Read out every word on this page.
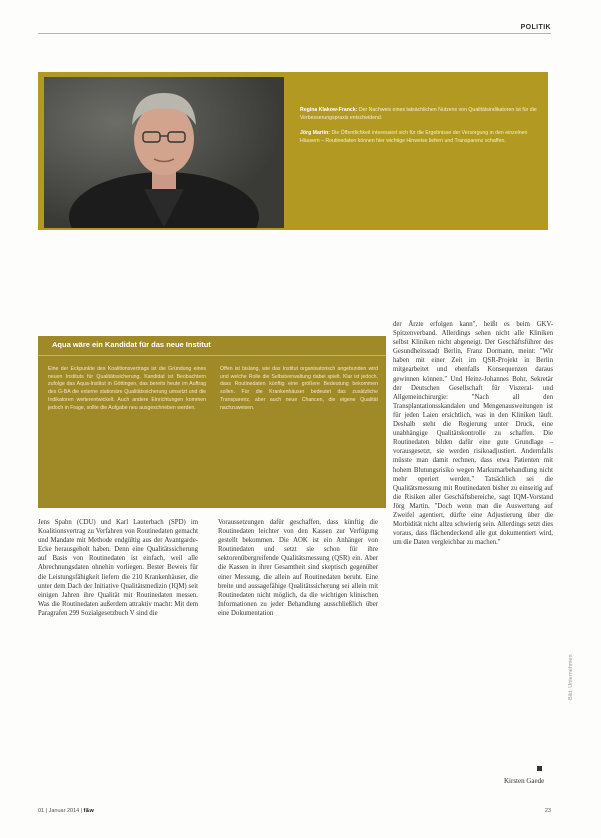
POLITIK

Regina Klakow-Franck: Der Nachweis eines tatsächlichen Nutzens von Qualitätsindikatoren ist für die Verbesserungspraxis entscheidend.

Jörg Martin: Die Öffentlichkeit interessiert sich für die Ergebnisse der Versorgung in den einzelnen Häusern – Routinedaten können hier wichtige Hinweise liefern und Transparenz schaffen.

Aqua wäre ein Kandidat für das neue Institut
Eine der Eckpunkte des Koalitionsvertrags ist die Gründung eines neuen Instituts für Qualitätssicherung. Kandidat ist Beobachtern zufolge das Aqua-Institut in Göttingen, das bereits heute im Auftrag des G-BA die externe stationäre Qualitätssicherung umsetzt und die Indikatoren weiterentwickelt. Auch andere Einrichtungen kommen jedoch in Frage, sollte die Aufgabe neu ausgeschrieben werden.
Offen ist bislang, wie das Institut organisatorisch angebunden wird und welche Rolle die Selbstverwaltung dabei spielt. Klar ist jedoch, dass Routinedaten künftig eine größere Bedeutung bekommen sollen. Für die Krankenhäuser bedeutet das zusätzliche Transparenz, aber auch neue Chancen, die eigene Qualität nachzuweisen.
Jens Spahn (CDU) und Karl Lauterbach (SPD) im Koalitionsvertrag zu Verfahren von Routinedaten gemacht und Mandate mit Methode endgültig aus der Avantgarde-Ecke herausgeholt haben. Denn eine Qualitätssicherung auf Basis von Routinedaten ist einfach, weil alle Abrechnungsdaten ohnehin vorliegen. Bester Beweis für die Leistungsfähigkeit liefern die 210 Krankenhäuser, die unter dem Dach der Initiative Qualitätsmedizin (IQM) seit einigen Jahren ihre Qualität mit Routinedaten messen. Was die Routinedaten außerdem attraktiv macht: Mit dem Paragrafen 299 Sozialgesetzbuch V sind die
Voraussetzungen dafür geschaffen, dass künftig die Routinedaten leichter von den Kassen zur Verfügung gestellt bekommen. Die AOK ist ein Anhänger von Routinedaten und setzt sie schon für ihre sektorenübergreifende Qualitätsmessung (QSR) ein. Aber die Kassen in ihrer Gesamtheit sind skeptisch gegenüber einer Messung, die allein auf Routinedaten beruht. Eine breite und aussagefähige Qualitätssicherung sei allein mit Routinedaten nicht möglich, da die wichtigen klinischen Informationen zu jeder Behandlung ausschließlich über eine Dokumentation
der Ärzte erfolgen kann", heißt es beim GKV-Spitzenverband. Allerdings sehen nicht alle Kliniken selbst Kliniken nicht abgeneigt. Der Geschäftsführer des Gesundheitsstadt Berlin, Franz Dormann, meint: "Wir haben mit einer Zeit im QSR-Projekt in Berlin mitgearbeitet und ebenfalls Konsequenzen daraus gewinnen können." Und Heinz-Johannes Bohr, Sekretär der Deutschen Gesellschaft für Viszeral- und Allgemeinchirurgie: "Nach all den Transplantationsskandalen und Mengenausweitungen ist für jeden Laien ersichtlich, was in den Kliniken läuft. Deshalb steht die Regierung unter Druck, eine unabhängige Qualitätskontrolle zu schaffen. Die Routinedaten bilden dafür eine gute Grundlage – vorausgesetzt, sie werden risikoadjustiert. Andernfalls müsste man damit rechnen, dass etwa Patienten mit hohem Blutungsrisiko wegen Markumarbehandlung nicht mehr operiert werden." Tatsächlich sei die Qualitätsmessung mit Routinedaten bisher zu einseitig auf die Risiken aller Geschäftsbereiche, sagt IQM-Vorstand Jörg Martin. "Doch wenn man die Auswertung auf Zweifel agentiert, dürfte eine Adjustierung über die Morbidität nicht allzu schwierig sein. Allerdings setzt dies voraus, dass flächendeckend alle gut dokumentiert wird, um die Daten vergleichbar zu machen."
Kirsten Gaede
Bild: Unternehmen
01 | Januar 2014 | f&w	23
